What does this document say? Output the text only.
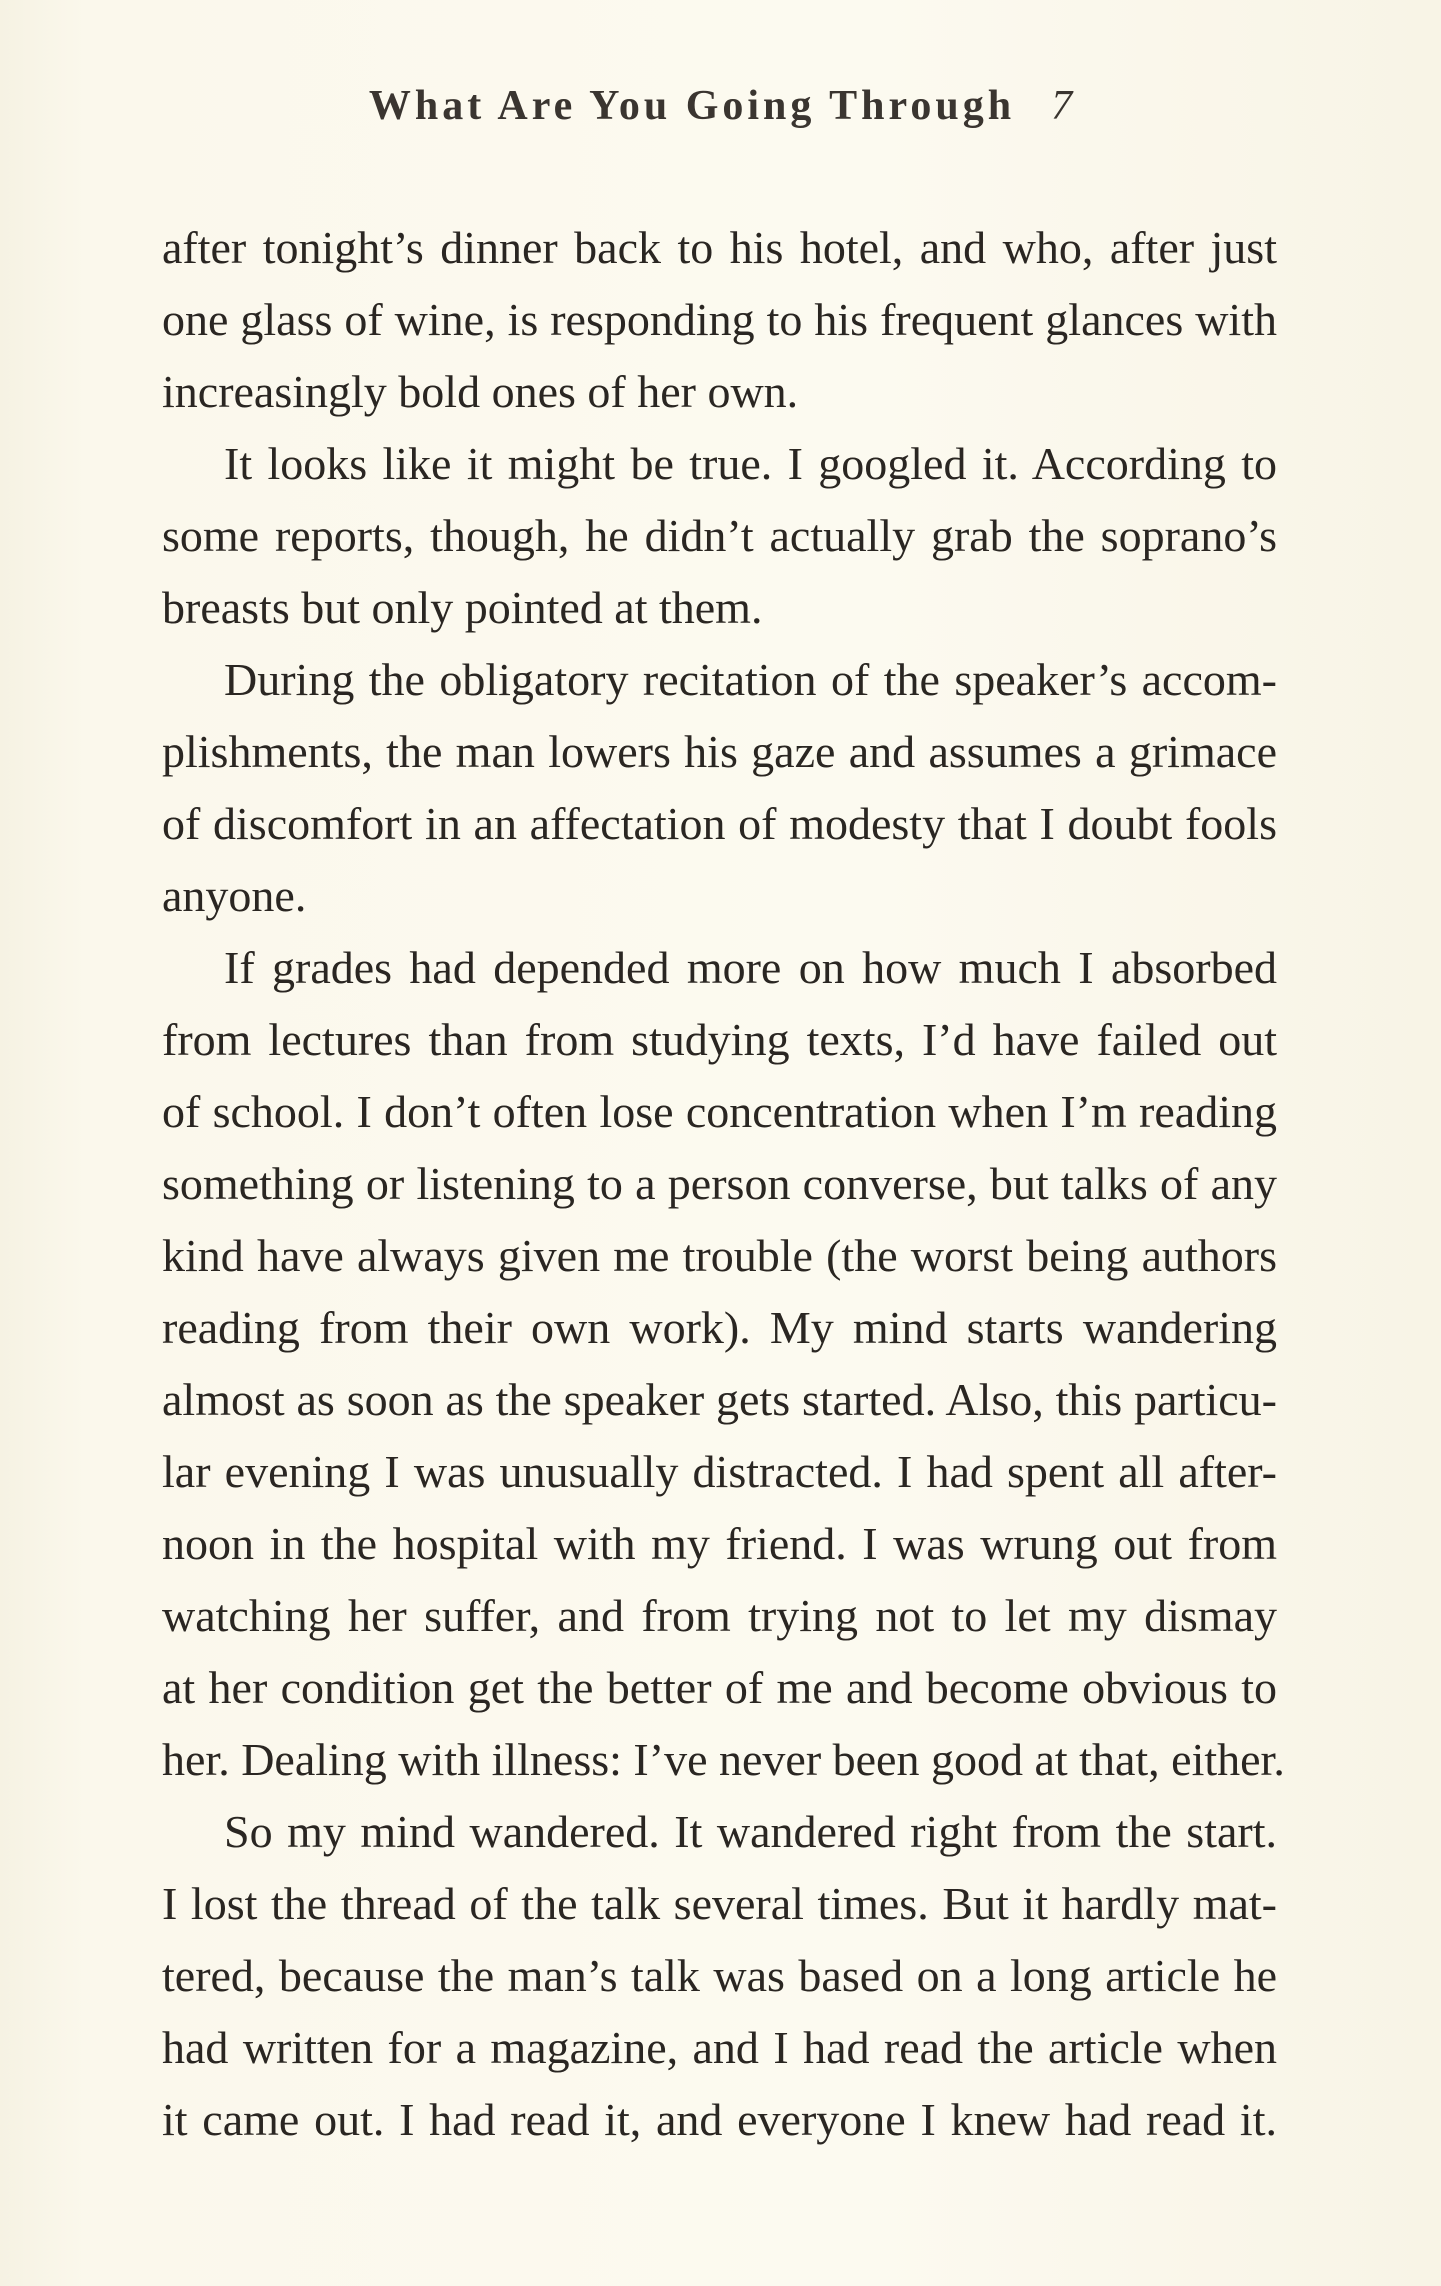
What Are You Going Through 7
after tonight’s dinner back to his hotel, and who, after just
one glass of wine, is responding to his frequent glances with
increasingly bold ones of her own.
It looks like it might be true. I googled it. According to
some reports, though, he didn’t actually grab the soprano’s
breasts but only pointed at them.
During the obligatory recitation of the speaker’s accom-
plishments, the man lowers his gaze and assumes a grimace
of discomfort in an affectation of modesty that I doubt fools
anyone.
If grades had depended more on how much I absorbed
from lectures than from studying texts, I’d have failed out
of school. I don’t often lose concentration when I’m reading
something or listening to a person converse, but talks of any
kind have always given me trouble (the worst being authors
reading from their own work). My mind starts wandering
almost as soon as the speaker gets started. Also, this particu-
lar evening I was unusually distracted. I had spent all after-
noon in the hospital with my friend. I was wrung out from
watching her suffer, and from trying not to let my dismay
at her condition get the better of me and become obvious to
her. Dealing with illness: I’ve never been good at that, either.
So my mind wandered. It wandered right from the start.
I lost the thread of the talk several times. But it hardly mat-
tered, because the man’s talk was based on a long article he
had written for a magazine, and I had read the article when
it came out. I had read it, and everyone I knew had read it.
